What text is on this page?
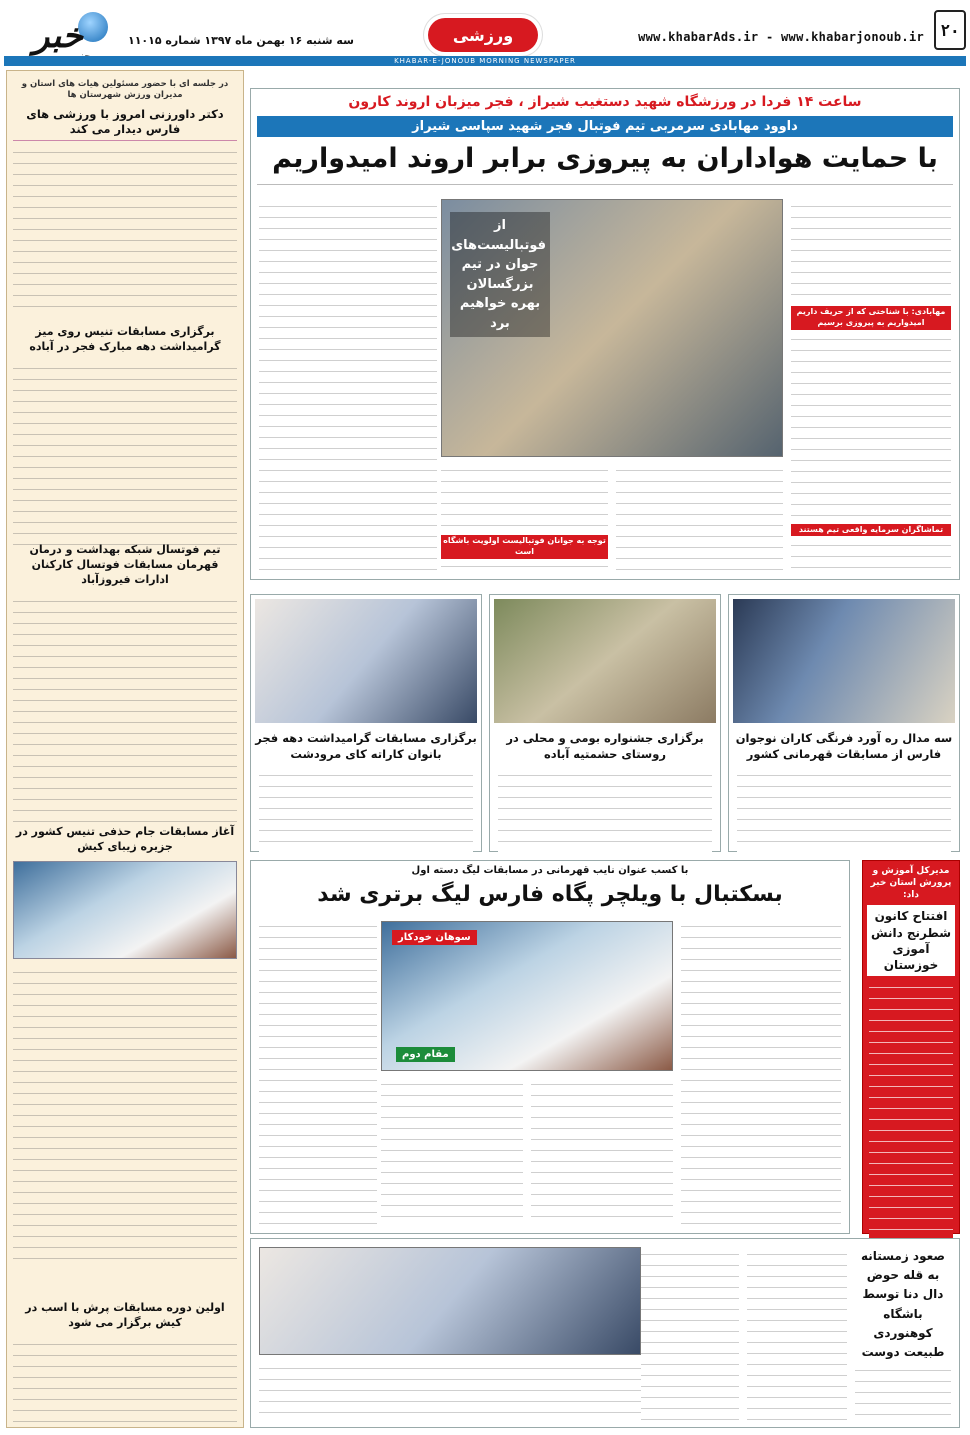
۲۰
www.khabarAds.ir - www.khabarjonoub.ir
ورزشی
سه شنبه ۱۶ بهمن ماه ۱۳۹۷ شماره ۱۱۰۱۵
خبر
KHABAR-E-JONOUB MORNING NEWSPAPER
در جلسه ای با حضور مسئولین هیات های استان و مدیران ورزش شهرستان ها
دکتر داورزنی امروز با ورزشی های فارس دیدار می کند
برگزاری مسابقات تنیس روی میز گرامیداشت دهه مبارک فجر در آباده
تیم فوتسال شبکه بهداشت و درمان قهرمان مسابقات فوتسال کارکنان ادارات فیروزآباد
آغاز مسابقات جام حذفی تنیس کشور در جزیره زیبای کیش
اولین دوره مسابقات پرش با اسب در کیش برگزار می شود
ساعت ۱۴ فردا در ورزشگاه شهید دستغیب شیراز ، فجر میزبان اروند کارون
داوود مهابادی سرمربی تیم فوتبال فجر شهید سپاسی شیراز
با حمایت هواداران به پیروزی برابر اروند امیدواریم
مهابادی: با شناختی که از حریف داریم امیدواریم به پیروزی برسیم
تماشاگران سرمایه واقعی تیم هستند
از فوتبالیست‌های جوان در تیم بزرگسالان بهره خواهیم برد
توجه به جوانان فوتبالیست اولویت باشگاه است
سه مدال ره آورد فرنگی کاران نوجوان فارس از مسابقات قهرمانی کشور
برگزاری جشنواره بومی و محلی در روستای حشمتیه آباده
برگزاری مسابقات گرامیداشت دهه فجر بانوان کاراته کای مرودشت
مدیرکل آموزش و پرورش استان خبر داد:
افتتاح کانون شطرنج دانش آموزی خوزستان
با کسب عنوان نایب قهرمانی در مسابقات لیگ دسته اول
بسکتبال با ویلچر پگاه فارس لیگ برتری شد
سوهان خودکار
مقام دوم
صعود زمستانه به قله حوض دال دنا توسط باشگاه کوهنوردی طبیعت دوست
